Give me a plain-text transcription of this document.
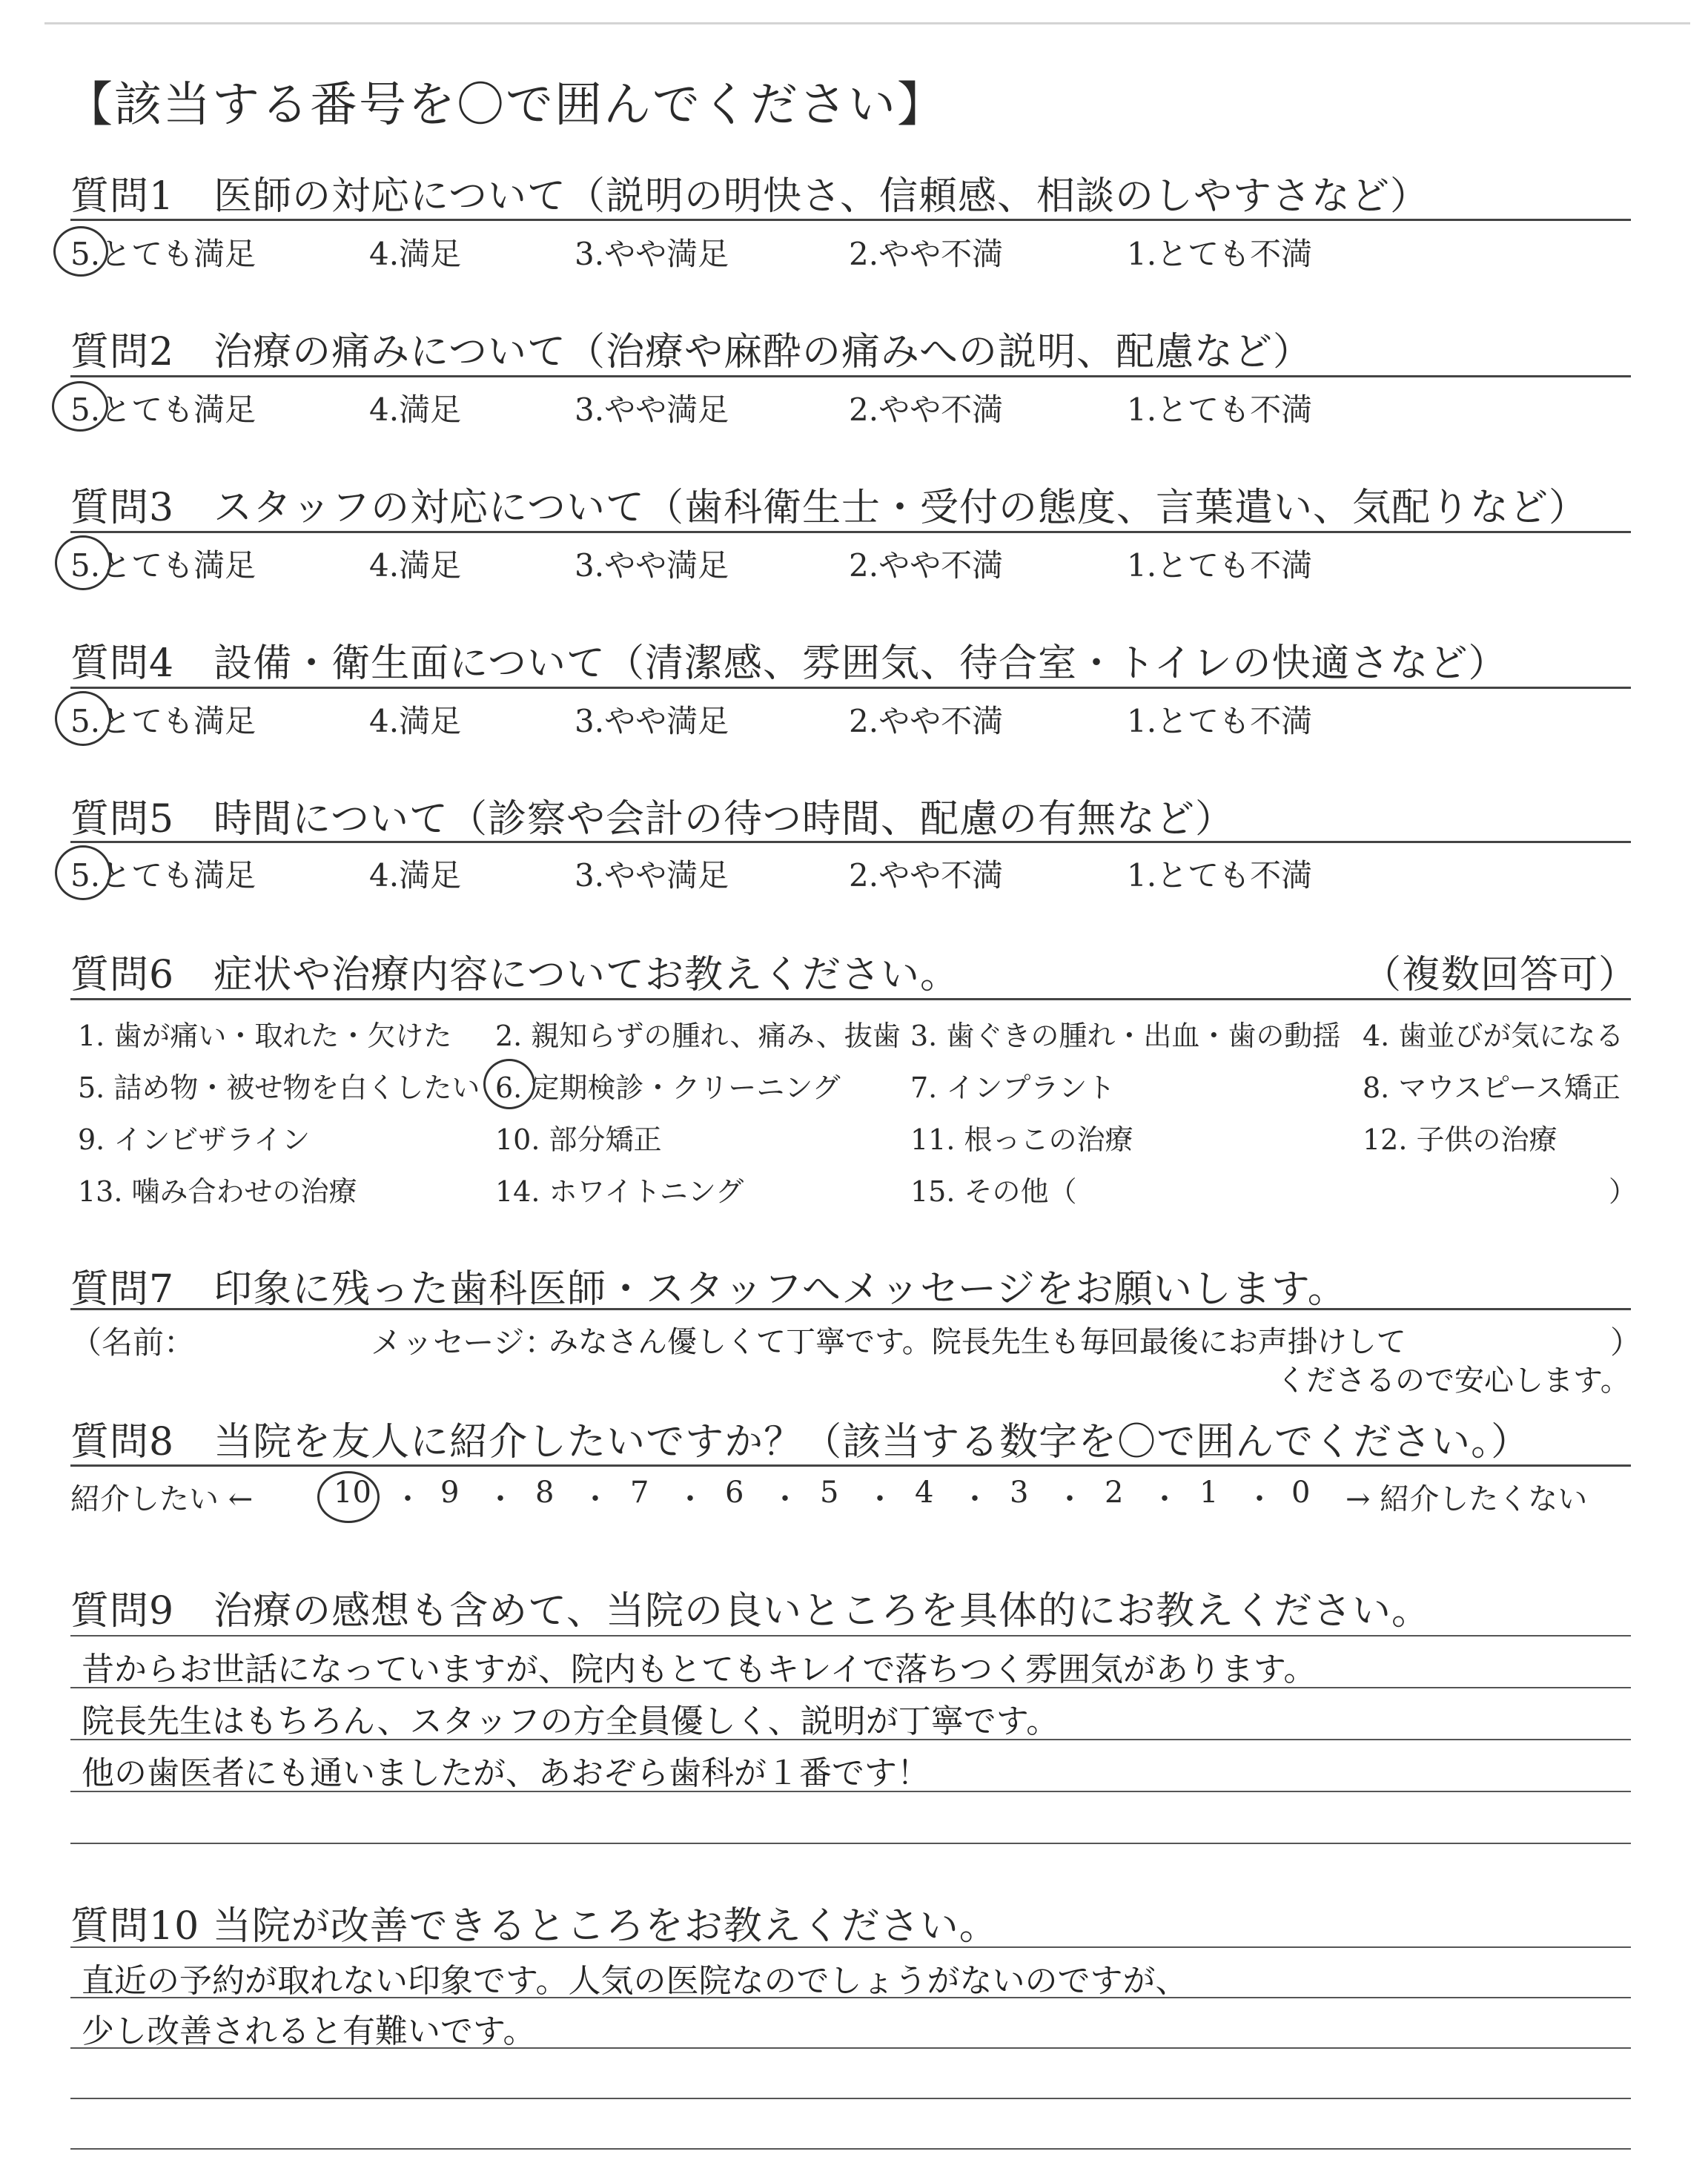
【該当する番号を〇で囲んでください】
質問1　医師の対応について（説明の明快さ、信頼感、相談のしやすさなど）
5.とても満足	4.満足	3.やや満足	2.やや不満	1.とても不満
質問2　治療の痛みについて（治療や麻酔の痛みへの説明、配慮など）
5.とても満足	4.満足	3.やや満足	2.やや不満	1.とても不満
質問3　スタッフの対応について（歯科衛生士・受付の態度、言葉遣い、気配りなど）
5.とても満足	4.満足	3.やや満足	2.やや不満	1.とても不満
質問4　設備・衛生面について（清潔感、雰囲気、待合室・トイレの快適さなど）
5.とても満足	4.満足	3.やや満足	2.やや不満	1.とても不満
質問5　時間について（診察や会計の待つ時間、配慮の有無など）
5.とても満足	4.満足	3.やや満足	2.やや不満	1.とても不満
質問6　症状や治療内容についてお教えください。	（複数回答可）
1. 歯が痛い・取れた・欠けた 2. 親知らずの腫れ、痛み、抜歯 3. 歯ぐきの腫れ・出血・歯の動揺 4. 歯並びが気になる
5. 詰め物・被せ物を白くしたい 6. 定期検診・クリーニング 7. インプラント	8. マウスピース矯正
9. インビザライン	10. 部分矯正	11. 根っこの治療	12. 子供の治療
13. 噛み合わせの治療	14. ホワイトニング	15. その他（	）
質問7　印象に残った歯科医師・スタッフへメッセージをお願いします。
（名前：	メッセージ：
みなさん優しくて丁寧です。院長先生も毎回最後にお声掛けして	）
くださるので安心します。
質問8　当院を友人に紹介したいですか？（該当する数字を〇で囲んでください。）
紹介したい ←	→ 紹介したくない
10 ・ 9 ・ 8 ・ 7 ・ 6 ・ 5 ・ 4 ・ 3 ・ 2 ・ 1 ・ 0
質問9　治療の感想も含めて、当院の良いところを具体的にお教えください。
昔からお世話になっていますが、院内もとてもキレイで落ちつく雰囲気があります。
院長先生はもちろん、スタッフの方全員優しく、説明が丁寧です。
他の歯医者にも通いましたが、あおぞら歯科が１番です！
質問10 当院が改善できるところをお教えください。
直近の予約が取れない印象です。人気の医院なのでしょうがないのですが、
少し改善されると有難いです。
